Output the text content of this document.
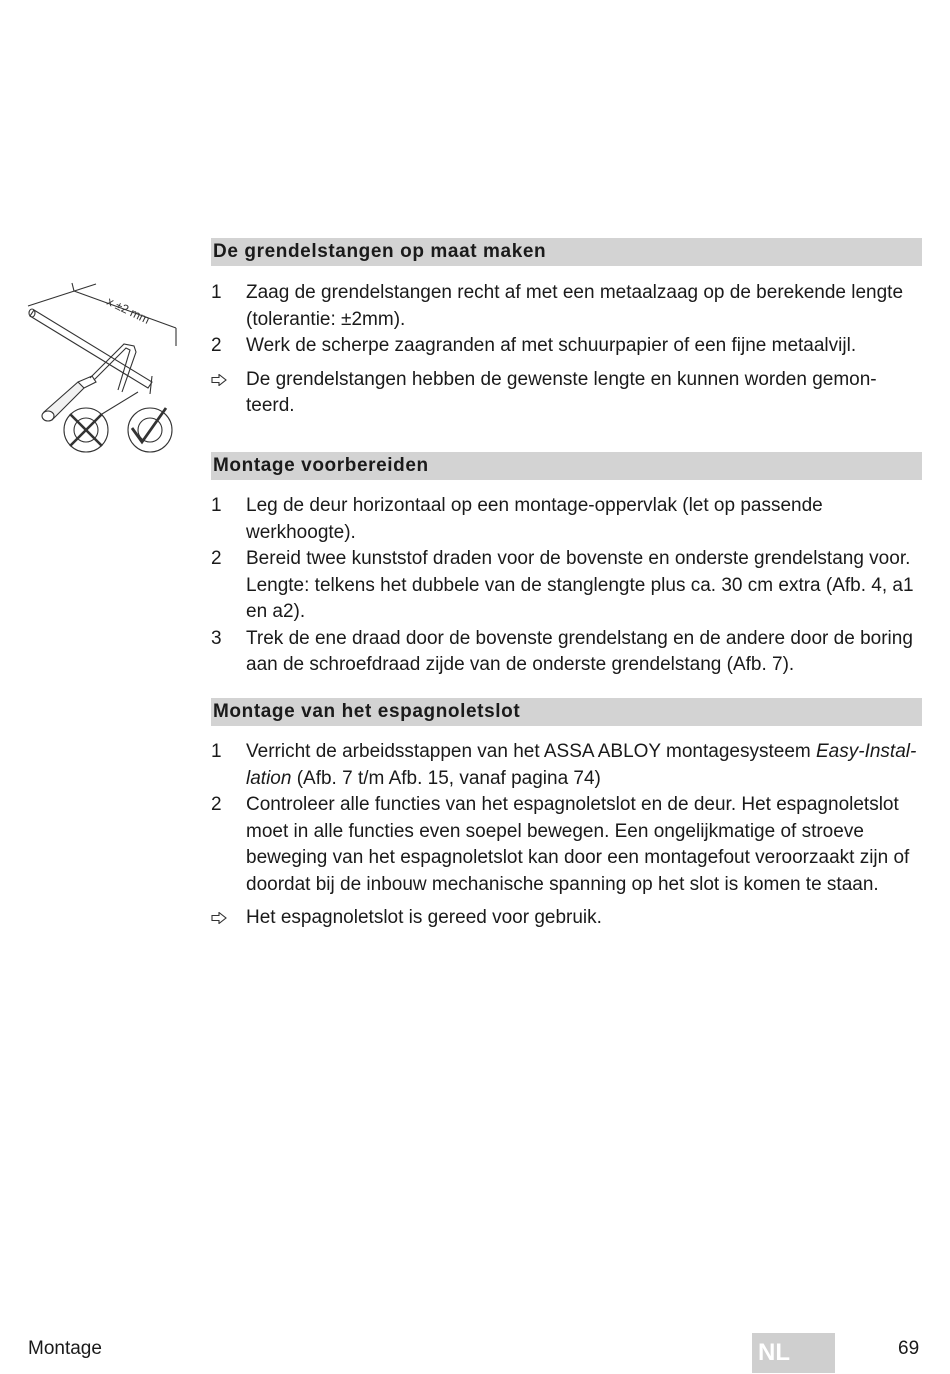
x ±2 mm
De grendelstangen op maat maken
1	Zaag de grendelstangen recht af met een metaalzaag op de berekende lengte (tolerantie: ±2mm).
2	Werk de scherpe zaagranden af met schuurpapier of een fijne metaalvijl.
De grendelstangen hebben de gewenste lengte en kunnen worden gemon-teerd.
Montage voorbereiden
1	Leg de deur horizontaal op een montage-oppervlak (let op passende werkhoogte).
2	Bereid twee kunststof draden voor de bovenste en onderste grendelstang voor. Lengte: telkens het dubbele van de stanglengte plus ca. 30 cm extra (Afb. 4, a1 en a2).
3	Trek de ene draad door de bovenste grendelstang en de andere door de boring aan de schroefdraad zijde van de onderste grendelstang (Afb. 7).
Montage van het espagnoletslot
1	Verricht de arbeidsstappen van het ASSA ABLOY montagesysteem Easy-Instal-lation (Afb. 7 t/m Afb. 15, vanaf pagina 74)
2	Controleer alle functies van het espagnoletslot en de deur. Het espagnoletslot moet in alle functies even soepel bewegen. Een ongelijkmatige of stroeve beweging van het espagnoletslot kan door een montagefout veroorzaakt zijn of doordat bij de inbouw mechanische spanning op het slot is komen te staan.
Het espagnoletslot is gereed voor gebruik.
Montage	NL	69
